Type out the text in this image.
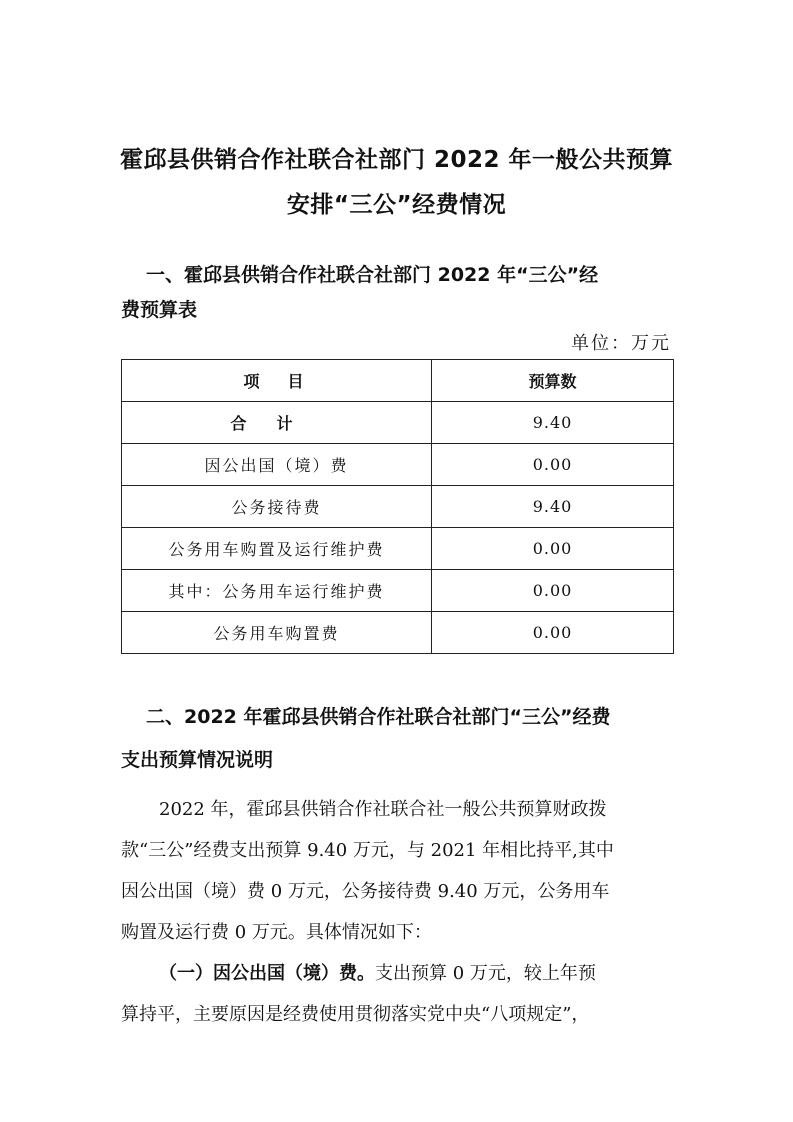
霍邱县供销合作社联合社部门 2022 年一般公共预算
安排“三公”经费情况
一、霍邱县供销合作社联合社部门 2022 年“三公”经
费预算表
单位：万元
项　目	预算数
合计	9.40
因公出国（境）费	0.00
公务接待费	9.40
公务用车购置及运行维护费	0.00
其中：公务用车运行维护费	0.00
公务用车购置费	0.00
二、2022 年霍邱县供销合作社联合社部门“三公”经费
支出预算情况说明
2022 年，霍邱县供销合作社联合社一般公共预算财政拨
款“三公”经费支出预算 9.40 万元，与 2021 年相比持平,其中
因公出国（境）费 0 万元，公务接待费 9.40 万元，公务用车
购置及运行费 0 万元。具体情况如下：
（一）因公出国（境）费。支出预算 0 万元，较上年预
算持平，主要原因是经费使用贯彻落实党中央“八项规定”，
